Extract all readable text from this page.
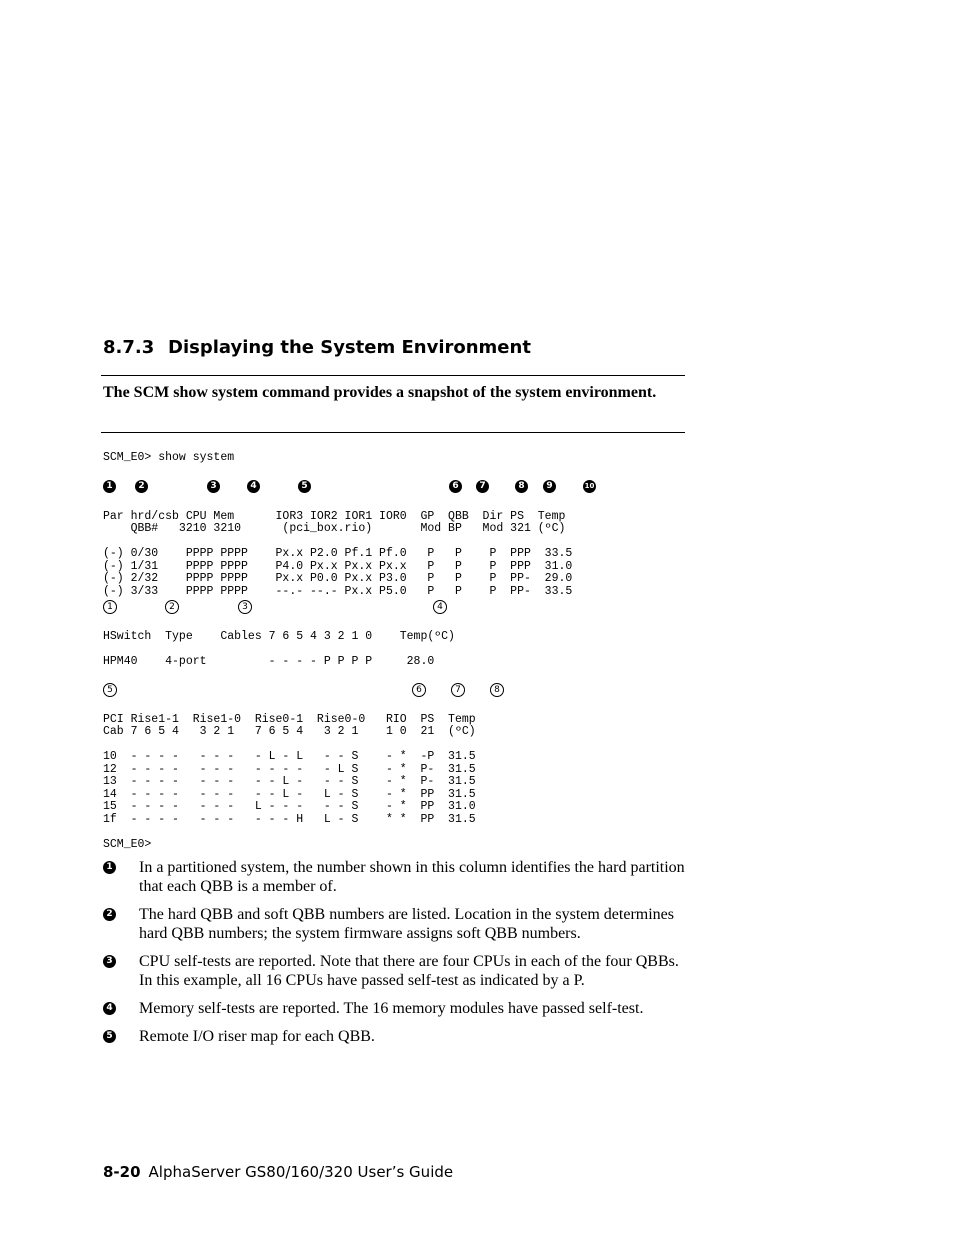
8.7.3 Displaying the System Environment
The SCM show system command provides a snapshot of the system environment.
SCM_E0> show system
1	2	3	4	5	6	7	8	9	10

Par hrd/csb CPU Mem      IOR3 IOR2 IOR1 IOR0  GP  QBB  Dir PS  Temp
QBB#   3210 3210      (pci_box.rio)       Mod BP   Mod 321 (ºC)
(-) 0/30    PPPP PPPP    Px.x P2.0 Pf.1 Pf.0   P   P    P  PPP  33.5
(-) 1/31    PPPP PPPP    P4.0 Px.x Px.x Px.x   P   P    P  PPP  31.0
(-) 2/32    PPPP PPPP    Px.x P0.0 Px.x P3.0   P   P    P  PP-  29.0
(-) 3/33    PPPP PPPP    --.- --.- Px.x P5.0   P   P    P  PP-  33.5

1	2	3	4

HSwitch  Type    Cables 7 6 5 4 3 2 1 0    Temp(ºC)
HPM40    4-port         - - - - P P P P     28.0

5	6	7	8

PCI Rise1-1  Rise1-0  Rise0-1  Rise0-0   RIO  PS  Temp
Cab 7 6 5 4   3 2 1   7 6 5 4   3 2 1    1 0  21  (ºC)
10  - - - -   - - -   - L - L   - - S    - *  -P  31.5
12  - - - -   - - -   - - - -   - L S    - *  P-  31.5
13  - - - -   - - -   - - L -   - - S    - *  P-  31.5
14  - - - -   - - -   - - L -   L - S    - *  PP  31.5
15  - - - -   - - -   L - - -   - - S    - *  PP  31.0
1f  - - - -   - - -   - - - H   L - S    * *  PP  31.5
SCM_E0>

1 In a partitioned system, the number shown in this column identifies the hard partition that each QBB is a member of.
2 The hard QBB and soft QBB numbers are listed. Location in the system determines hard QBB numbers; the system firmware assigns soft QBB numbers.
3 CPU self-tests are reported. Note that there are four CPUs in each of the four QBBs. In this example, all 16 CPUs have passed self-test as indicated by a P.
4 Memory self-tests are reported. The 16 memory modules have passed self-test.
5 Remote I/O riser map for each QBB.
8-20 AlphaServer GS80/160/320 User’s Guide
